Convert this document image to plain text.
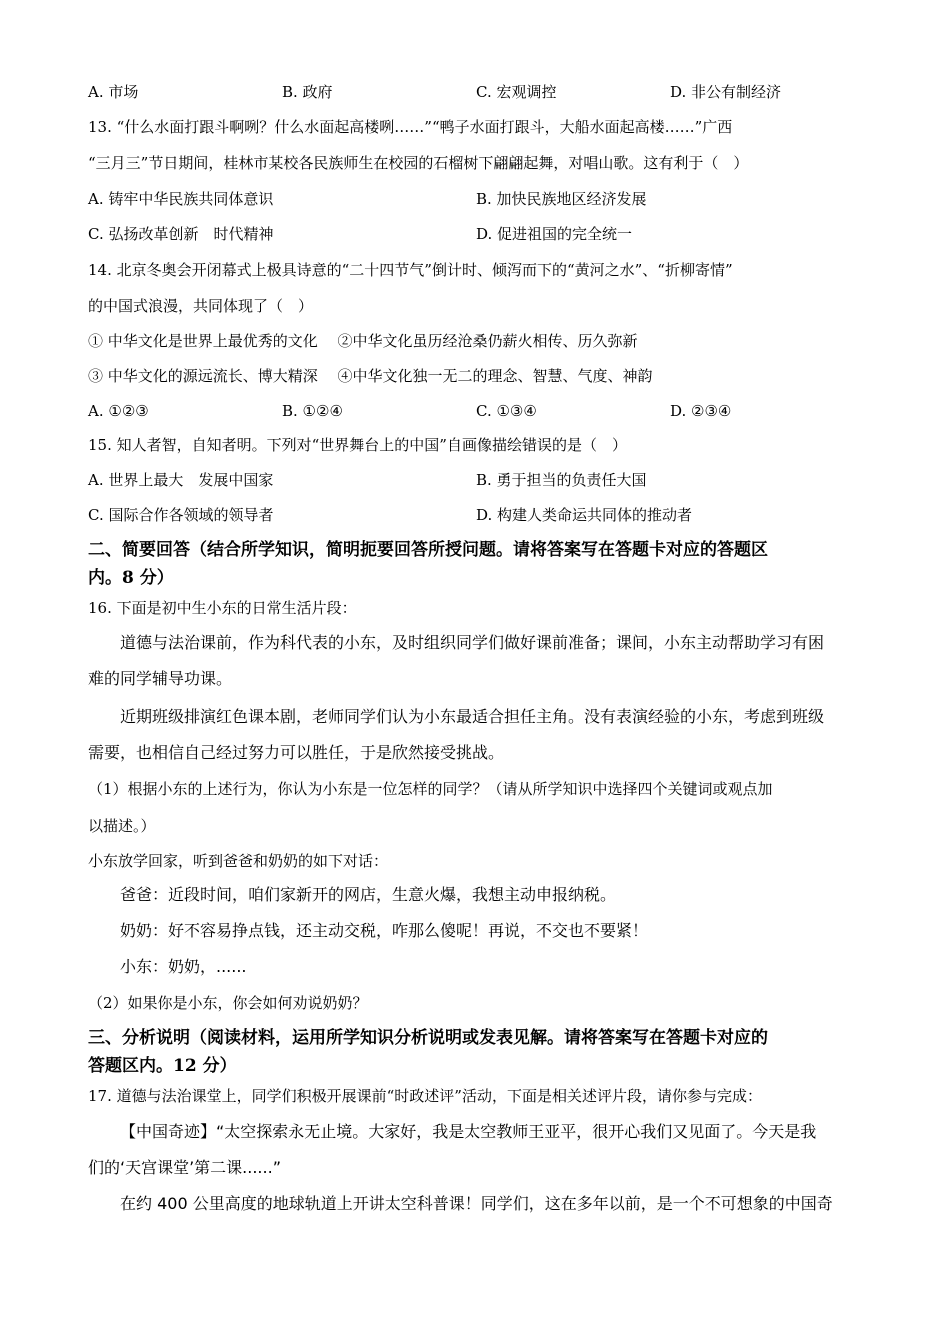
A. 市场	B. 政府	C. 宏观调控	D. 非公有制经济
13. “什么水面打跟斗啊咧？什么水面起高楼咧……”“鸭子水面打跟斗，大船水面起高楼……”广西
“三月三”节日期间，桂林市某校各民族师生在校园的石榴树下翩翩起舞，对唱山歌。这有利于（　）
A. 铸牢中华民族共同体意识	B. 加快民族地区经济发展
C. 弘扬改革创新　时代精神	D. 促进祖国的完全统一
14. 北京冬奥会开闭幕式上极具诗意的“二十四节气”倒计时、倾泻而下的“黄河之水”、“折柳寄情”
的中国式浪漫，共同体现了（　）
① 中华文化是世界上最优秀的文化　 ②中华文化虽历经沧桑仍薪火相传、历久弥新
③ 中华文化的源远流长、博大精深　 ④中华文化独一无二的理念、智慧、气度、神韵
A. ①②③	B. ①②④	C. ①③④	D. ②③④
15. 知人者智，自知者明。下列对“世界舞台上的中国”自画像描绘错误的是（　）
A. 世界上最大　发展中国家	B. 勇于担当的负责任大国
C. 国际合作各领域的领导者	D. 构建人类命运共同体的推动者
二、简要回答（结合所学知识，简明扼要回答所授问题。请将答案写在答题卡对应的答题区
内。8 分）
16. 下面是初中生小东的日常生活片段：
道德与法治课前，作为科代表的小东，及时组织同学们做好课前准备；课间，小东主动帮助学习有困
难的同学辅导功课。
近期班级排演红色课本剧，老师同学们认为小东最适合担任主角。没有表演经验的小东，考虑到班级
需要，也相信自己经过努力可以胜任，于是欣然接受挑战。
（1）根据小东的上述行为，你认为小东是一位怎样的同学？（请从所学知识中选择四个关键词或观点加
以描述。）
小东放学回家，听到爸爸和奶奶的如下对话：
爸爸：近段时间，咱们家新开的网店，生意火爆，我想主动申报纳税。
奶奶：好不容易挣点钱，还主动交税，咋那么傻呢！再说，不交也不要紧！
小东：奶奶，......
（2）如果你是小东，你会如何劝说奶奶？
三、分析说明（阅读材料，运用所学知识分析说明或发表见解。请将答案写在答题卡对应的
答题区内。12 分）
17. 道德与法治课堂上，同学们积极开展课前“时政述评”活动，下面是相关述评片段，请你参与完成：
【中国奇迹】“太空探索永无止境。大家好，我是太空教师王亚平，很开心我们又见面了。今天是我
们的‘天宫课堂’第二课......”
在约 400 公里高度的地球轨道上开讲太空科普课！同学们，这在多年以前，是一个不可想象的中国奇
